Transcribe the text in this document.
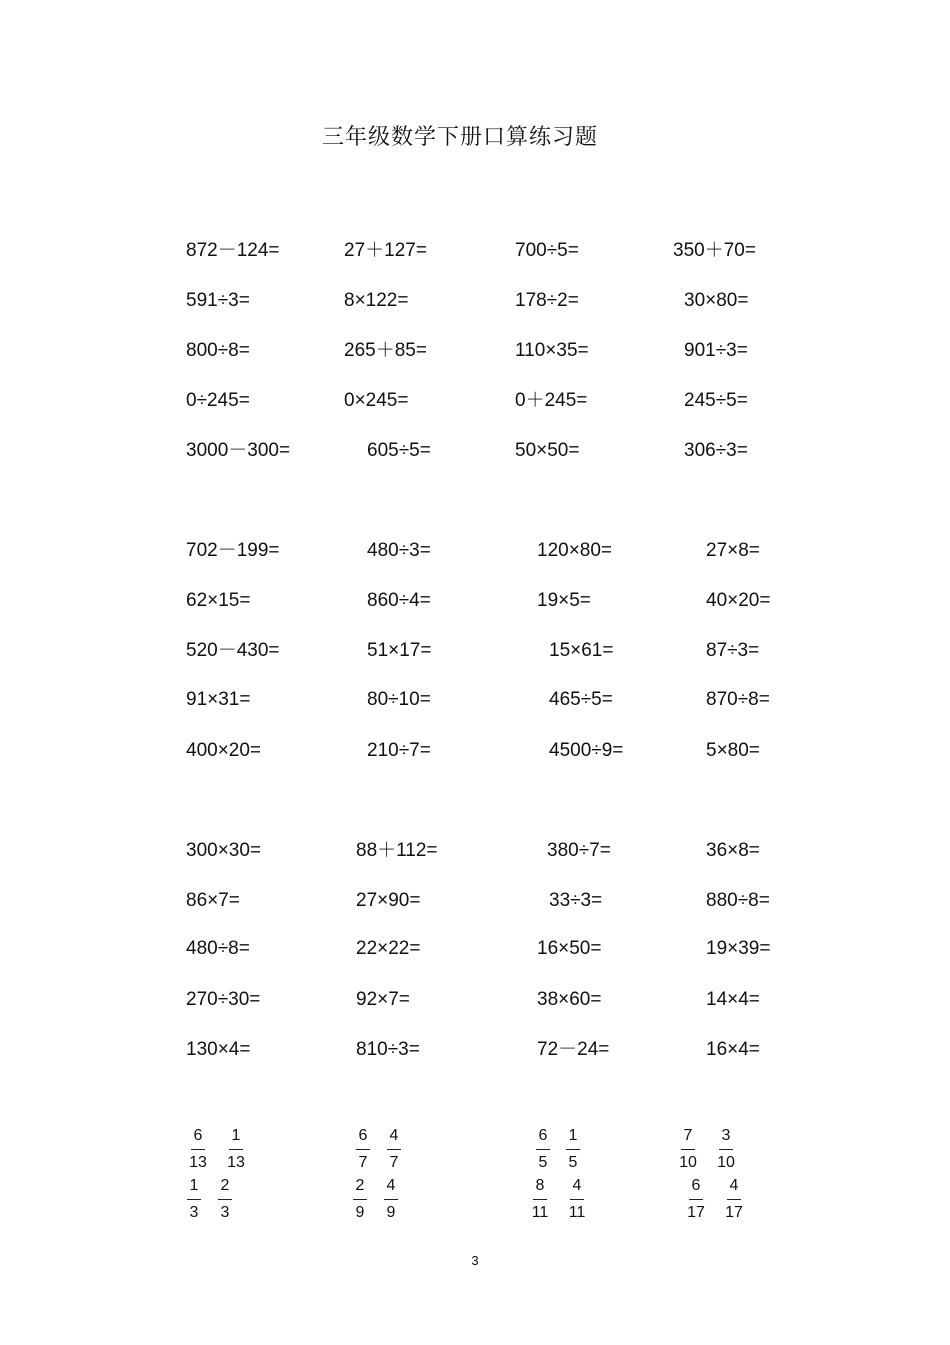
三年级数学下册口算练习题
872－124=	27＋127=	700÷5=	350＋70=
591÷3=	8×122=	178÷2=	30×80=
800÷8=	265＋85=	110×35=	901÷3=
0÷245=	0×245=	0＋245=	245÷5=
3000－300=	605÷5=	50×50=	306÷3=
702－199=	480÷3=	120×80=	27×8=
62×15=	860÷4=	19×5=	40×20=
520－430=	51×17=	15×61=	87÷3=
91×31=	80÷10=	465÷5=	870÷8=
400×20=	210÷7=	4500÷9=	5×80=
300×30=	88＋112=	380÷7=	36×8=
86×7=	27×90=	33÷3=	880÷8=
480÷8=	22×22=	16×50=	19×39=
270÷30=	92×7=	38×60=	14×4=
130×4=	810÷3=	72－24=	16×4=
$\frac{6}{13} \frac{1}{13}$	$\frac{6}{7} \frac{4}{7}$	$\frac{6}{5} \frac{1}{5}$	$\frac{7}{10} \frac{3}{10}$
$\frac{1}{3} \frac{2}{3}$	$\frac{2}{9} \frac{4}{9}$	$\frac{8}{11} \frac{4}{11}$	$\frac{6}{17} \frac{4}{17}$
3
